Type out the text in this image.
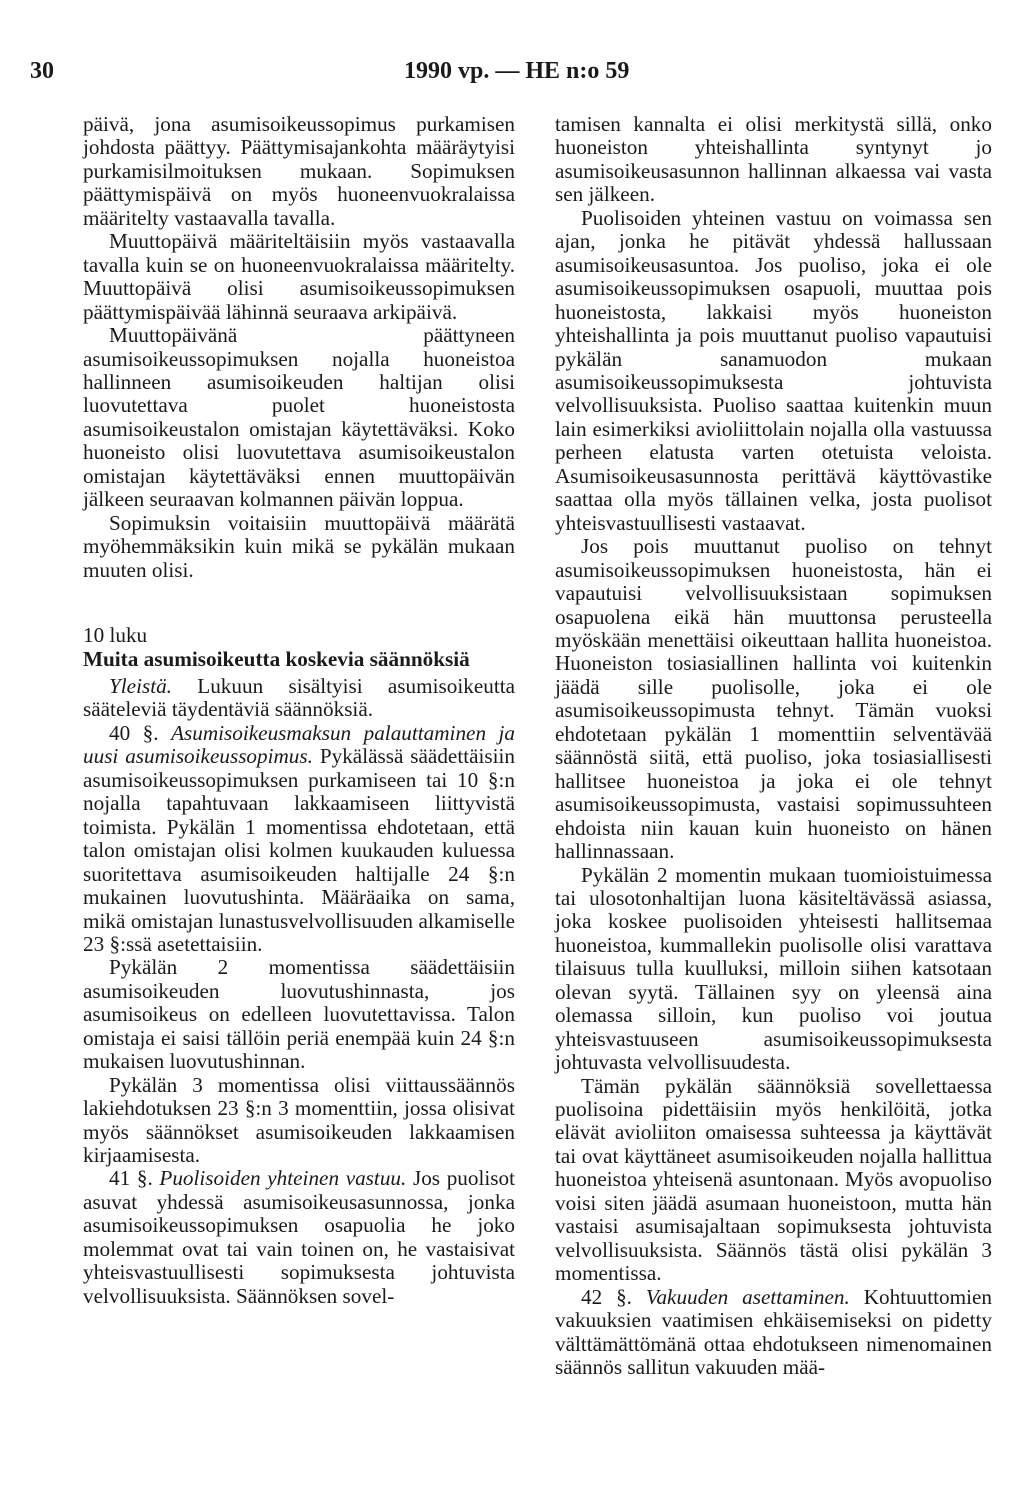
30	1990 vp. — HE n:o 59

päivä, jona asumisoikeussopimus purkamisen johdosta päättyy. Päättymisajankohta määräytyisi purkamisilmoituksen mukaan. Sopimuksen päättymispäivä on myös huoneenvuokralaissa määritelty vastaavalla tavalla.

Muuttopäivä määriteltäisiin myös vastaavalla tavalla kuin se on huoneenvuokralaissa määritelty. Muuttopäivä olisi asumisoikeussopimuksen päättymispäivää lähinnä seuraava arkipäivä.

Muuttopäivänä päättyneen asumisoikeussopimuksen nojalla huoneistoa hallinneen asumisoikeuden haltijan olisi luovutettava puolet huoneistosta asumisoikeustalon omistajan käytettäväksi. Koko huoneisto olisi luovutettava asumisoikeustalon omistajan käytettäväksi ennen muuttopäivän jälkeen seuraavan kolmannen päivän loppua.

Sopimuksin voitaisiin muuttopäivä määrätä myöhemmäksikin kuin mikä se pykälän mukaan muuten olisi.

10 luku

Muita asumisoikeutta koskevia säännöksiä

Yleistä. Lukuun sisältyisi asumisoikeutta sääteleviä täydentäviä säännöksiä.

40 §. Asumisoikeusmaksun palauttaminen ja uusi asumisoikeussopimus. Pykälässä säädettäisiin asumisoikeussopimuksen purkamiseen tai 10 §:n nojalla tapahtuvaan lakkaamiseen liittyvistä toimista. Pykälän 1 momentissa ehdotetaan, että talon omistajan olisi kolmen kuukauden kuluessa suoritettava asumisoikeuden haltijalle 24 §:n mukainen luovutushinta. Määräaika on sama, mikä omistajan lunastusvelvollisuuden alkamiselle 23 §:ssä asetettaisiin.

Pykälän 2 momentissa säädettäisiin asumisoikeuden luovutushinnasta, jos asumisoikeus on edelleen luovutettavissa. Talon omistaja ei saisi tällöin periä enempää kuin 24 §:n mukaisen luovutushinnan.

Pykälän 3 momentissa olisi viittaussäännös lakiehdotuksen 23 §:n 3 momenttiin, jossa olisivat myös säännökset asumisoikeuden lakkaamisen kirjaamisesta.

41 §. Puolisoiden yhteinen vastuu. Jos puolisot asuvat yhdessä asumisoikeusasunnossa, jonka asumisoikeussopimuksen osapuolia he joko molemmat ovat tai vain toinen on, he vastaisivat yhteisvastuullisesti sopimuksesta johtuvista velvollisuuksista. Säännöksen sovel-

tamisen kannalta ei olisi merkitystä sillä, onko huoneiston yhteishallinta syntynyt jo asumisoikeusasunnon hallinnan alkaessa vai vasta sen jälkeen.

Puolisoiden yhteinen vastuu on voimassa sen ajan, jonka he pitävät yhdessä hallussaan asumisoikeusasuntoa. Jos puoliso, joka ei ole asumisoikeussopimuksen osapuoli, muuttaa pois huoneistosta, lakkaisi myös huoneiston yhteishallinta ja pois muuttanut puoliso vapautuisi pykälän sanamuodon mukaan asumisoikeussopimuksesta johtuvista velvollisuuksista. Puoliso saattaa kuitenkin muun lain esimerkiksi avioliittolain nojalla olla vastuussa perheen elatusta varten otetuista veloista. Asumisoikeusasunnosta perittävä käyttövastike saattaa olla myös tällainen velka, josta puolisot yhteisvastuullisesti vastaavat.

Jos pois muuttanut puoliso on tehnyt asumisoikeussopimuksen huoneistosta, hän ei vapautuisi velvollisuuksistaan sopimuksen osapuolena eikä hän muuttonsa perusteella myöskään menettäisi oikeuttaan hallita huoneistoa. Huoneiston tosiasiallinen hallinta voi kuitenkin jäädä sille puolisolle, joka ei ole asumisoikeussopimusta tehnyt. Tämän vuoksi ehdotetaan pykälän 1 momenttiin selventävää säännöstä siitä, että puoliso, joka tosiasiallisesti hallitsee huoneistoa ja joka ei ole tehnyt asumisoikeussopimusta, vastaisi sopimussuhteen ehdoista niin kauan kuin huoneisto on hänen hallinnassaan.

Pykälän 2 momentin mukaan tuomioistuimessa tai ulosotonhaltijan luona käsiteltävässä asiassa, joka koskee puolisoiden yhteisesti hallitsemaa huoneistoa, kummallekin puolisolle olisi varattava tilaisuus tulla kuulluksi, milloin siihen katsotaan olevan syytä. Tällainen syy on yleensä aina olemassa silloin, kun puoliso voi joutua yhteisvastuuseen asumisoikeussopimuksesta johtuvasta velvollisuudesta.

Tämän pykälän säännöksiä sovellettaessa puolisoina pidettäisiin myös henkilöitä, jotka elävät avioliiton omaisessa suhteessa ja käyttävät tai ovat käyttäneet asumisoikeuden nojalla hallittua huoneistoa yhteisenä asuntonaan. Myös avopuoliso voisi siten jäädä asumaan huoneistoon, mutta hän vastaisi asumisajaltaan sopimuksesta johtuvista velvollisuuksista. Säännös tästä olisi pykälän 3 momentissa.

42 §. Vakuuden asettaminen. Kohtuuttomien vakuuksien vaatimisen ehkäisemiseksi on pidetty välttämättömänä ottaa ehdotukseen nimenomainen säännös sallitun vakuuden mää-
